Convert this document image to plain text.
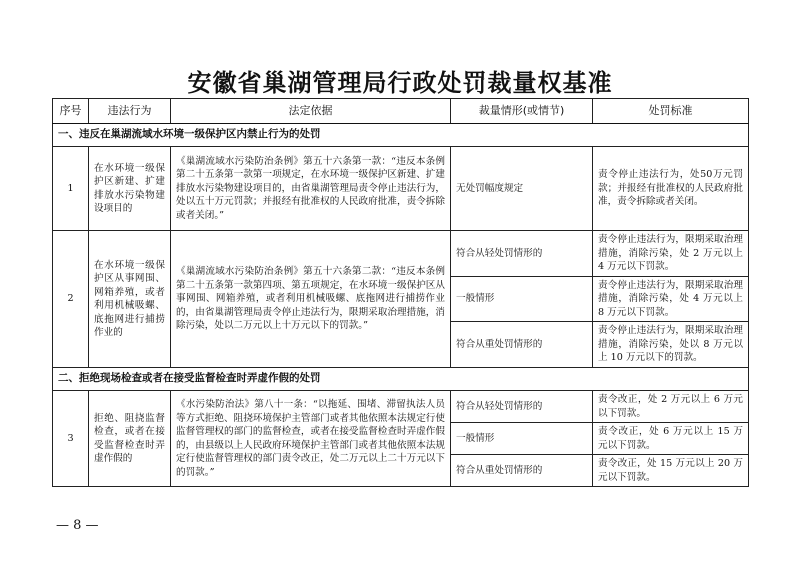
安徽省巢湖管理局行政处罚裁量权基准
序号	违法行为	法定依据	裁量情形(或情节)	处罚标准
一、违反在巢湖流域水环境一级保护区内禁止行为的处罚				
1	在水环境一级保护区新建、扩建排放水污染物建设项目的	《巢湖流域水污染防治条例》第五十六条第一款：“违反本条例第二十五条第一款第一项规定，在水环境一级保护区新建、扩建排放水污染物建设项目的，由省巢湖管理局责令停止违法行为，处以五十万元罚款；并报经有批准权的人民政府批准，责令拆除或者关闭。”	无处罚幅度规定	责令停止违法行为，处50万元罚款；并报经有批准权的人民政府批准，责令拆除或者关闭。
2	在水环境一级保护区从事网围、网箱养殖，或者利用机械吸螺、底拖网进行捕捞作业的	《巢湖流域水污染防治条例》第五十六条第二款：“违反本条例第二十五条第一款第四项、第五项规定，在水环境一级保护区从事网围、网箱养殖，或者利用机械吸螺、底拖网进行捕捞作业的，由省巢湖管理局责令停止违法行为，限期采取治理措施，消除污染，处以二万元以上十万元以下的罚款。”	符合从轻处罚情形的	责令停止违法行为，限期采取治理措施，消除污染，处 2 万元以上 4 万元以下罚款。
			一般情形	责令停止违法行为，限期采取治理措施，消除污染，处 4 万元以上 8 万元以下罚款。
			符合从重处罚情形的	责令停止违法行为，限期采取治理措施，消除污染，处以 8 万元以上 10 万元以下的罚款。
二、拒绝现场检查或者在接受监督检查时弄虚作假的处罚				
3	拒绝、阻挠监督检查，或者在接受监督检查时弄虚作假的	《水污染防治法》第八十一条：“以拖延、围堵、滞留执法人员等方式拒绝、阻挠环境保护主管部门或者其他依照本法规定行使监督管理权的部门的监督检查，或者在接受监督检查时弄虚作假的，由县级以上人民政府环境保护主管部门或者其他依照本法规定行使监督管理权的部门责令改正，处二万元以上二十万元以下的罚款。”	符合从轻处罚情形的	责令改正，处 2 万元以上 6 万元以下罚款。
			一般情形	责令改正，处 6 万元以上 15 万元以下罚款。
			符合从重处罚情形的	责令改正，处 15 万元以上 20 万元以下罚款。
— 8 —
